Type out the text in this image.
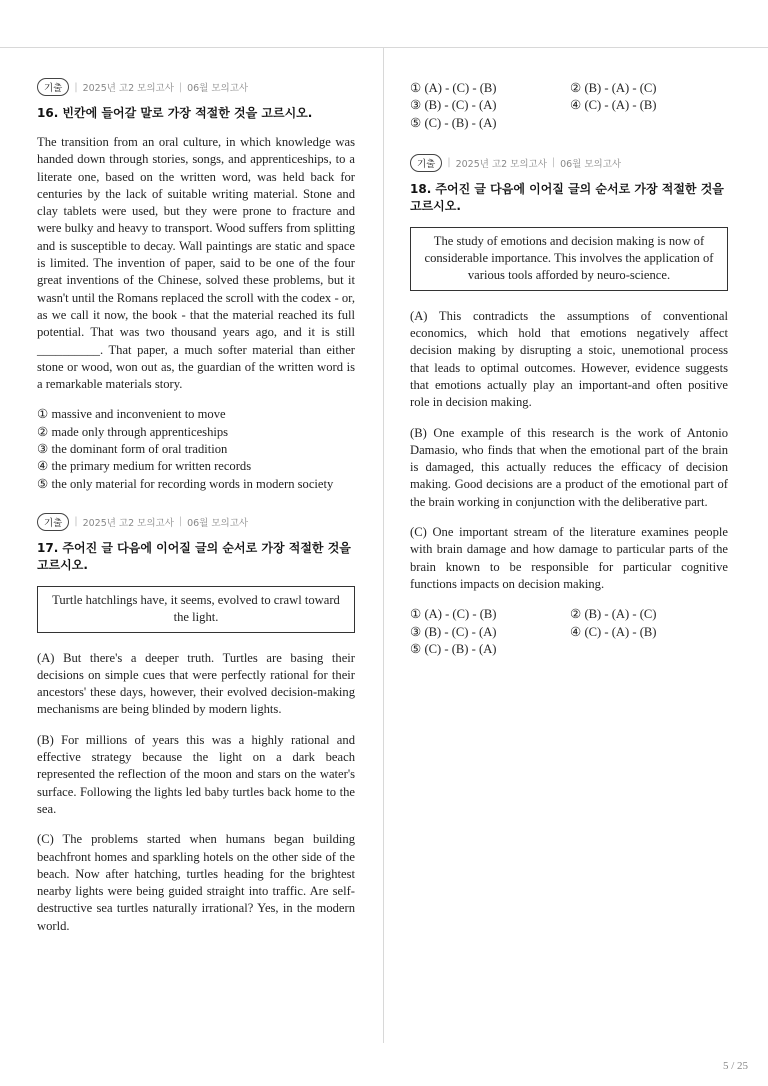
기출	| 2025년 고2 모의고사 | 06월 모의고사

16. 빈칸에 들어갈 말로 가장 적절한 것을 고르시오.

The transition from an oral culture, in which knowledge was handed down through stories, songs, and apprenticeships, to a literate one, based on the written word, was held back for centuries by the lack of suitable writing material. Stone and clay tablets were used, but they were prone to fracture and were bulky and heavy to transport. Wood suffers from splitting and is susceptible to decay. Wall paintings are static and space is limited. The invention of paper, said to be one of the four great inventions of the Chinese, solved these problems, but it wasn't until the Romans replaced the scroll with the codex - or, as we call it now, the book - that the material reached its full potential. That was two thousand years ago, and it is still __________. That paper, a much softer material than either stone or wood, won out as, the guardian of the written word is a remarkable materials story.

① massive and inconvenient to move
② made only through apprenticeships
③ the dominant form of oral tradition
④ the primary medium for written records
⑤ the only material for recording words in modern society
기출	| 2025년 고2 모의고사 | 06월 모의고사

17. 주어진 글 다음에 이어질 글의 순서로 가장 적절한 것을 고르시오.

Turtle hatchlings have, it seems, evolved to crawl toward the light.

(A) But there's a deeper truth. Turtles are basing their decisions on simple cues that were perfectly rational for their ancestors' these days, however, their evolved decision-making mechanisms are being blinded by modern lights.

(B) For millions of years this was a highly rational and effective strategy because the light on a dark beach represented the reflection of the moon and stars on the water's surface. Following the lights led baby turtles back home to the sea.

(C) The problems started when humans began building beachfront homes and sparkling hotels on the other side of the beach. Now after hatching, turtles heading for the brightest nearby lights were being guided straight into traffic. Are self-destructive sea turtles naturally irrational? Yes, in the modern world.

① (A) - (C) - (B)	② (B) - (A) - (C)
③ (B) - (C) - (A)	④ (C) - (A) - (B)
⑤ (C) - (B) - (A)
기출	| 2025년 고2 모의고사 | 06월 모의고사

18. 주어진 글 다음에 이어질 글의 순서로 가장 적절한 것을 고르시오.

The study of emotions and decision making is now of considerable importance. This involves the application of various tools afforded by neuro-science.

(A) This contradicts the assumptions of conventional economics, which hold that emotions negatively affect decision making by disrupting a stoic, unemotional process that leads to optimal outcomes. However, evidence suggests that emotions actually play an important-and often positive role in decision making.

(B) One example of this research is the work of Antonio Damasio, who finds that when the emotional part of the brain is damaged, this actually reduces the efficacy of decision making. Good decisions are a product of the emotional part of the brain working in conjunction with the deliberative part.

(C) One important stream of the literature examines people with brain damage and how damage to particular parts of the brain known to be responsible for particular cognitive functions impacts on decision making.

① (A) - (C) - (B)	② (B) - (A) - (C)
③ (B) - (C) - (A)	④ (C) - (A) - (B)
⑤ (C) - (B) - (A)
5 / 25
